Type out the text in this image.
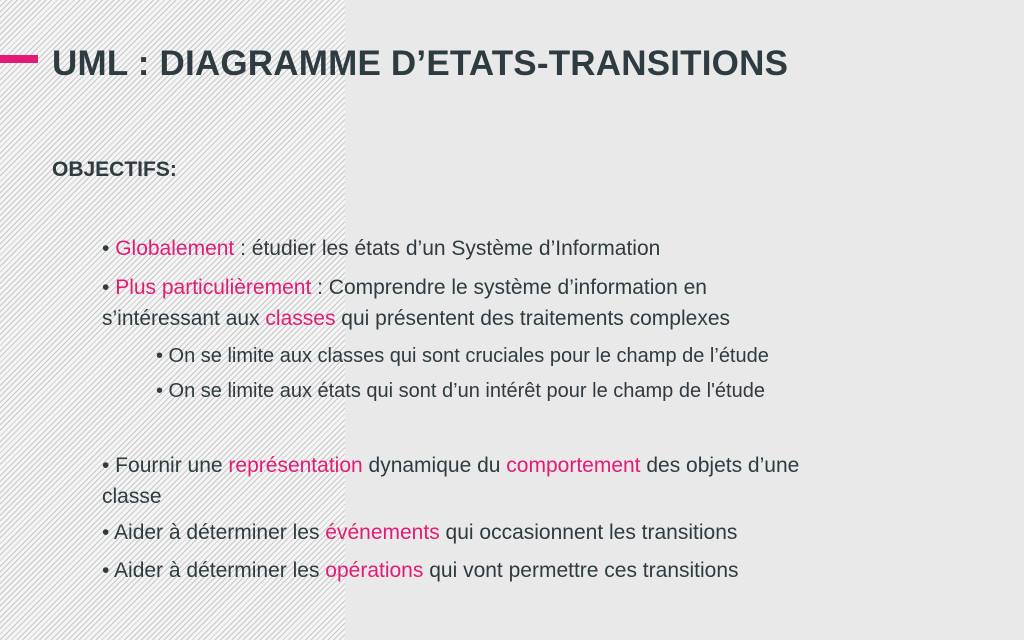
UML : DIAGRAMME D’ETATS-TRANSITIONS
OBJECTIFS:
• Globalement : étudier les états d’un Système d’Information
• Plus particulièrement : Comprendre le système d’information en
s’intéressant aux classes qui présentent des traitements complexes
• On se limite aux classes qui sont cruciales pour le champ de l’étude
• On se limite aux états qui sont d’un intérêt pour le champ de l'étude
• Fournir une représentation dynamique du comportement des objets d’une
classe
• Aider à déterminer les événements qui occasionnent les transitions
• Aider à déterminer les opérations qui vont permettre ces transitions
